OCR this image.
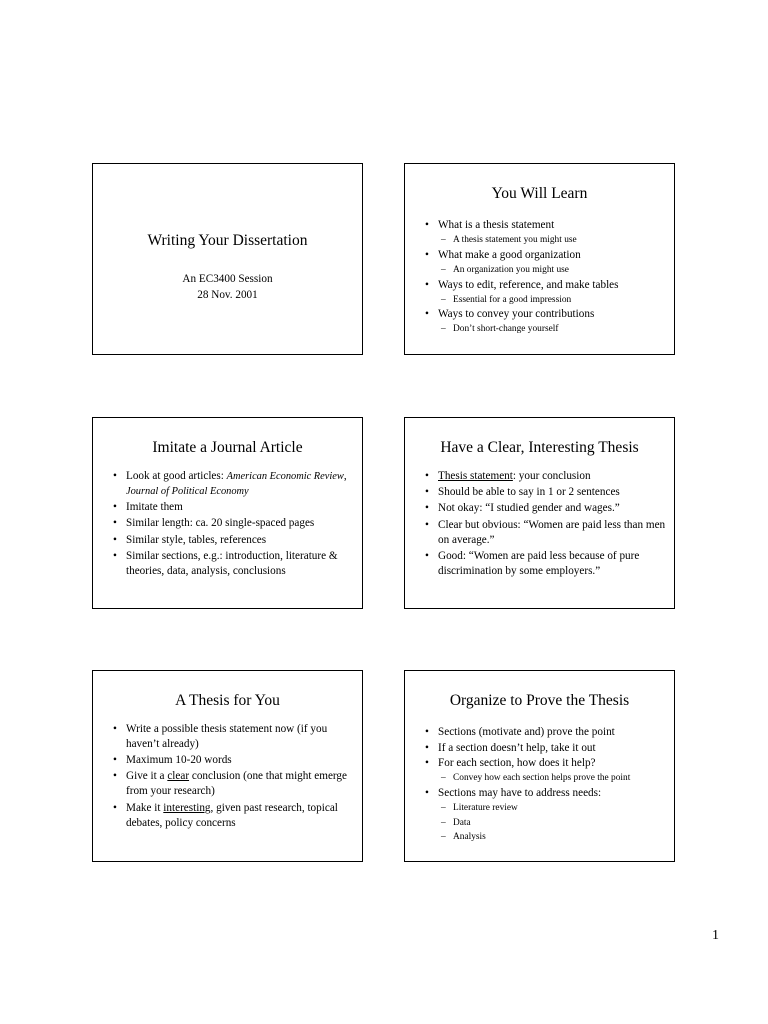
Writing Your Dissertation
An EC3400 Session
28 Nov. 2001
You Will Learn
• What is a thesis statement
– A thesis statement you might use
• What make a good organization
– An organization you might use
• Ways to edit, reference, and make tables
– Essential for a good impression
• Ways to convey your contributions
– Don’t short-change yourself
Imitate a Journal Article
• Look at good articles: American Economic Review, Journal of Political Economy
• Imitate them
• Similar length: ca. 20 single-spaced pages
• Similar style, tables, references
• Similar sections, e.g.: introduction, literature & theories, data, analysis, conclusions
Have a Clear, Interesting Thesis
• Thesis statement: your conclusion
• Should be able to say in 1 or 2 sentences
• Not okay: “I studied gender and wages.”
• Clear but obvious: “Women are paid less than men on average.”
• Good: “Women are paid less because of pure discrimination by some employers.”
A Thesis for You
• Write a possible thesis statement now (if you haven’t already)
• Maximum 10-20 words
• Give it a clear conclusion (one that might emerge from your research)
• Make it interesting, given past research, topical debates, policy concerns
Organize to Prove the Thesis
• Sections (motivate and) prove the point
• If a section doesn’t help, take it out
• For each section, how does it help?
– Convey how each section helps prove the point
• Sections may have to address needs:
– Literature review
– Data
– Analysis
1
